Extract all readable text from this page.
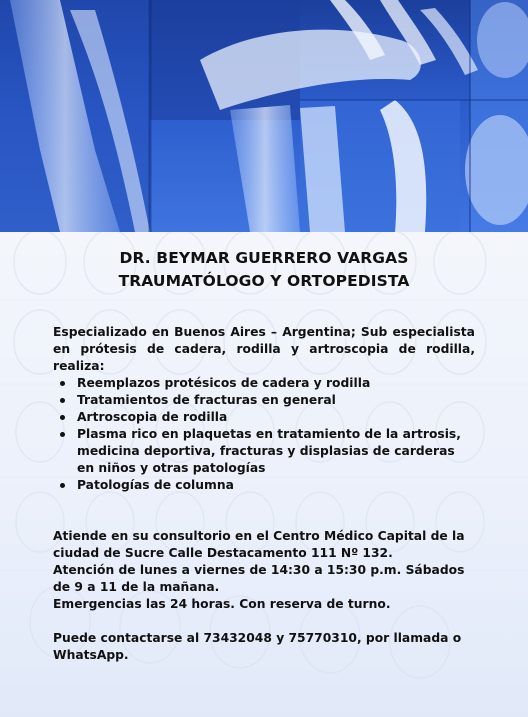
DR. BEYMAR GUERRERO VARGAS
TRAUMATÓLOGO Y ORTOPEDISTA

Especializado en Buenos Aires – Argentina; Sub especialista en prótesis de cadera, rodilla y artroscopia de rodilla, realiza:

Reemplazos protésicos de cadera y rodilla
Tratamientos de fracturas en general
Artroscopia de rodilla
Plasma rico en plaquetas en tratamiento de la artrosis, medicina deportiva, fracturas y displasias de carderas en niños y otras patologías
Patologías de columna

Atiende en su consultorio en el Centro Médico Capital de la ciudad de Sucre Calle Destacamento 111 Nº 132.

Atención de lunes a viernes de 14:30 a 15:30 p.m. Sábados de 9 a 11 de la mañana.

Emergencias las 24 horas. Con reserva de turno.

Puede contactarse al 73432048 y 75770310, por llamada o WhatsApp.
